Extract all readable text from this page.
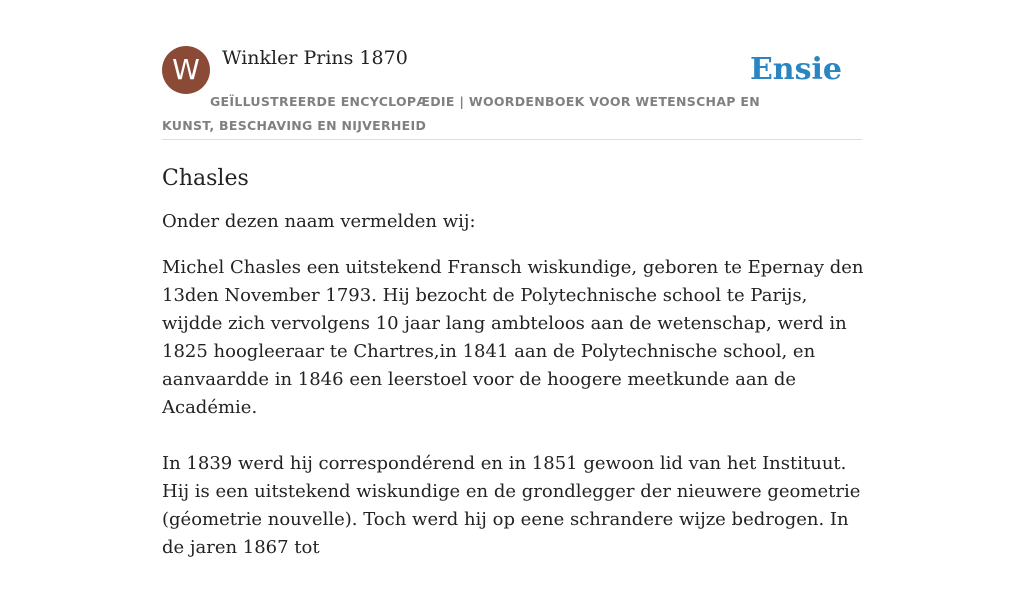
W	Winkler Prins 1870	Ensie

GEÏLLUSTREERDE ENCYCLOPÆDIE | WOORDENBOEK VOOR WETENSCHAP EN KUNST, BESCHAVING EN NIJVERHEID

Chasles

Onder dezen naam vermelden wij:

Michel Chasles een uitstekend Fransch wiskundige, geboren te Epernay den 13den November 1793. Hij bezocht de Polytechnische school te Parijs, wijdde zich vervolgens 10 jaar lang ambteloos aan de wetenschap, werd in 1825 hoogleeraar te Chartres,in 1841 aan de Polytechnische school, en aanvaardde in 1846 een leerstoel voor de hoogere meetkunde aan de Académie.

In 1839 werd hij correspondérend en in 1851 gewoon lid van het Instituut. Hij is een uitstekend wiskundige en de grondlegger der nieuwere geometrie (géometrie nouvelle). Toch werd hij op eene schrandere wijze bedrogen. In de jaren 1867 tot
